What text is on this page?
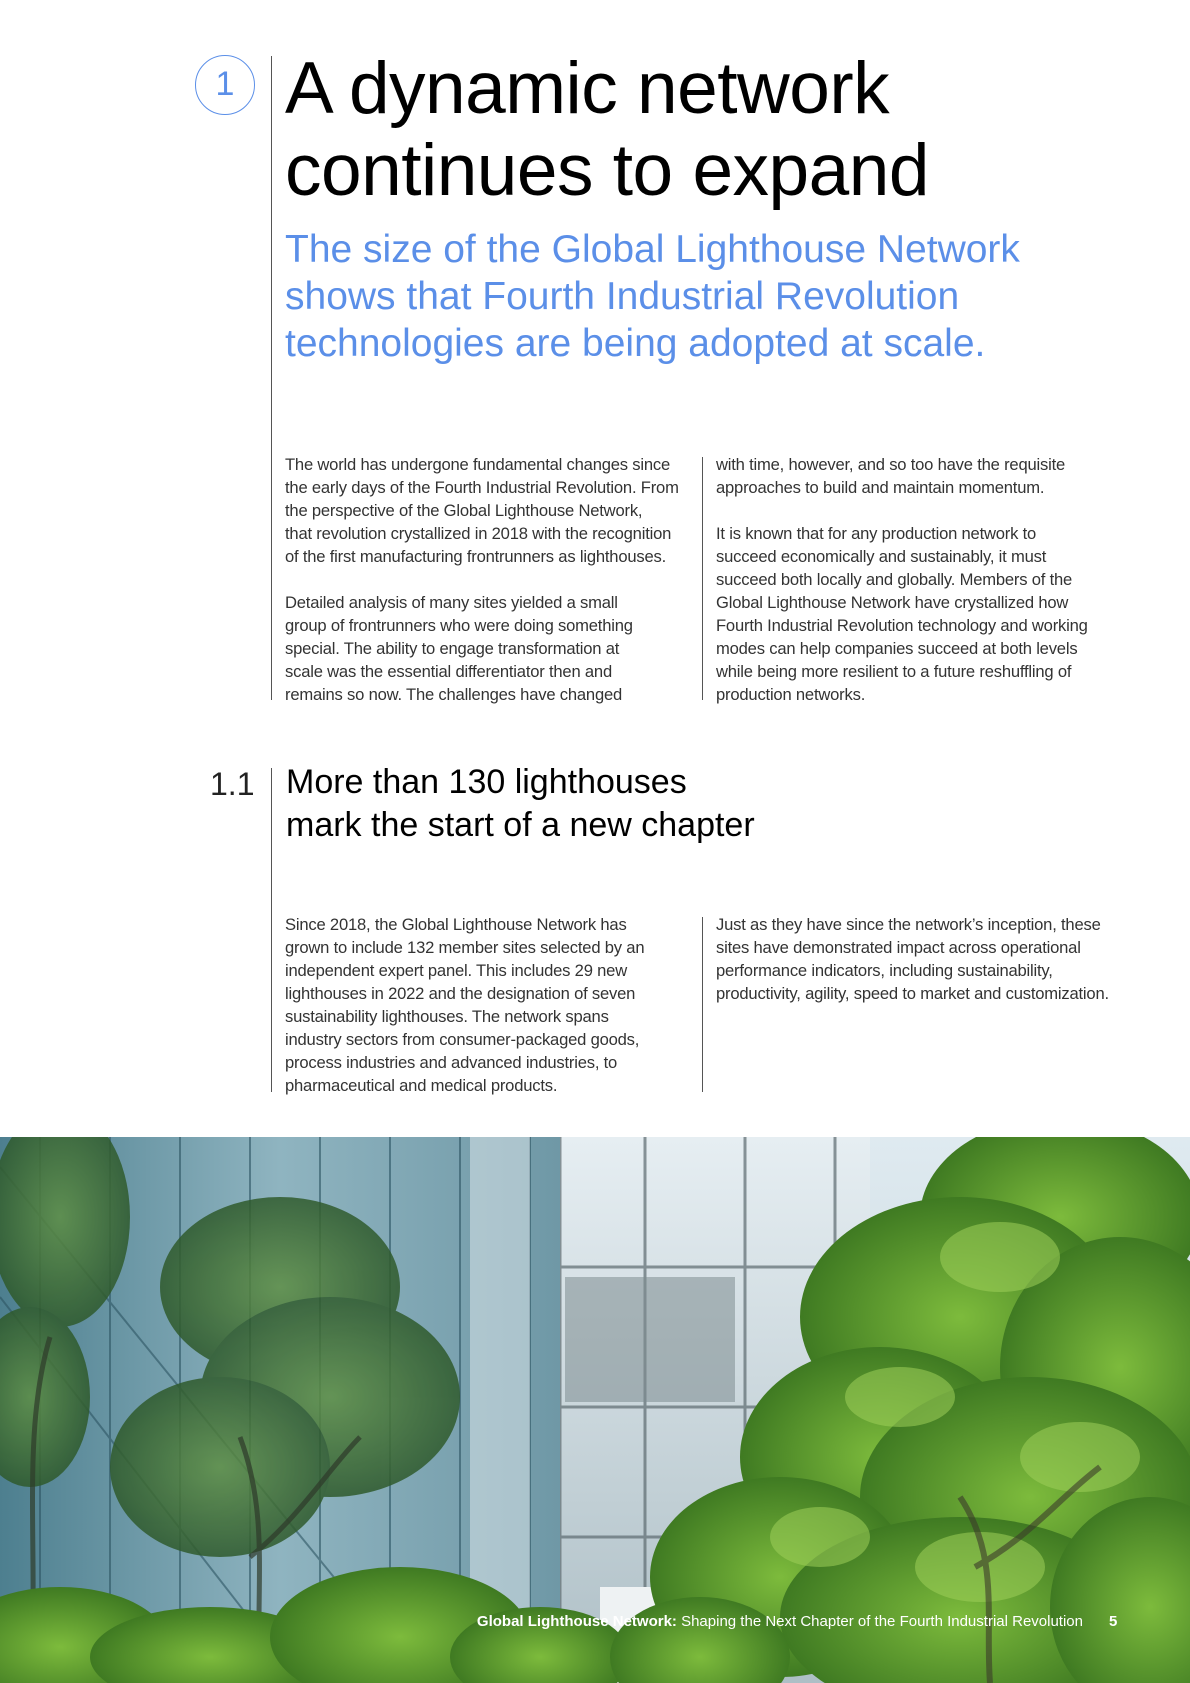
1 A dynamic network
continues to expand

The size of the Global Lighthouse Network shows that Fourth Industrial Revolution technologies are being adopted at scale.

The world has undergone fundamental changes since
the early days of the Fourth Industrial Revolution. From
the perspective of the Global Lighthouse Network,
that revolution crystallized in 2018 with the recognition
of the first manufacturing frontrunners as lighthouses.
Detailed analysis of many sites yielded a small
group of frontrunners who were doing something
special. The ability to engage transformation at
scale was the essential differentiator then and
remains so now. The challenges have changed
with time, however, and so too have the requisite
approaches to build and maintain momentum.
It is known that for any production network to
succeed economically and sustainably, it must
succeed both locally and globally. Members of the
Global Lighthouse Network have crystallized how
Fourth Industrial Revolution technology and working
modes can help companies succeed at both levels
while being more resilient to a future reshuffling of
production networks.
1.1 More than 130 lighthouses
mark the start of a new chapter
Since 2018, the Global Lighthouse Network has
grown to include 132 member sites selected by an
independent expert panel. This includes 29 new
lighthouses in 2022 and the designation of seven
sustainability lighthouses. The network spans
industry sectors from consumer-packaged goods,
process industries and advanced industries, to
pharmaceutical and medical products.
Just as they have since the network’s inception, these
sites have demonstrated impact across operational
performance indicators, including sustainability,
productivity, agility, speed to market and customization.
Global Lighthouse Network: Shaping the Next Chapter of the Fourth Industrial Revolution 5
